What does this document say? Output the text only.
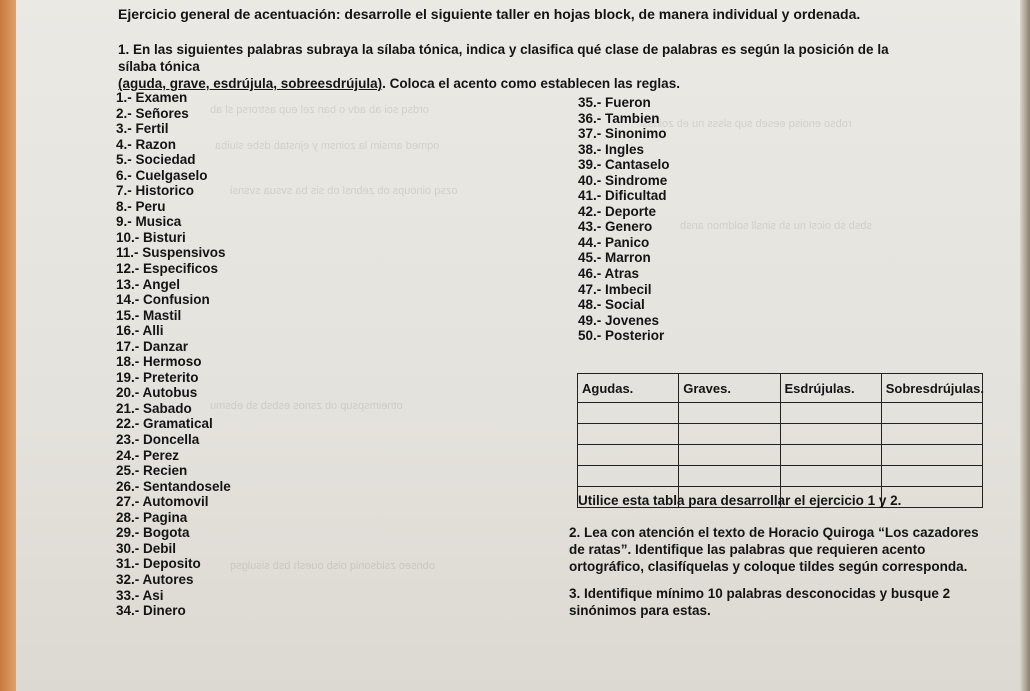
ordsq soi ab adv o ban zel eup astrorsq sl ab
oqmed amsim la zoinsm y ejnstab dsbe sluiba
ozsq oinoups ob zebnsl ob sis ba svsua svsnsi
robso enoisq eeseb sup slsss nu eb zoinssl
sbsb sb oicsl nu sh sinsll soldmon ansb
otneimspsup ob zsnos esbsb sb ebsmu
obnseo zsidsoniq oisb ouesh bsb sisulgsq
Ejercicio general de acentuación: desarrolle el siguiente taller en hojas block, de manera individual y ordenada.
1. En las siguientes palabras subraya la sílaba tónica, indica y clasifica qué clase de palabras es según la posición de la sílaba tónica
(aguda, grave, esdrújula, sobreesdrújula). Coloca el acento como establecen las reglas.
1.- Examen
2.- Señores
3.- Fertil
4.- Razon
5.- Sociedad
6.- Cuelgaselo
7.- Historico
8.- Peru
9.- Musica
10.- Bisturi
11.- Suspensivos
12.- Especificos
13.- Angel
14.- Confusion
15.- Mastil
16.- Alli
17.- Danzar
18.- Hermoso
19.- Preterito
20.- Autobus
21.- Sabado
22.- Gramatical
23.- Doncella
24.- Perez
25.- Recien
26.- Sentandosele
27.- Automovil
28.- Pagina
29.- Bogota
30.- Debil
31.- Deposito
32.- Autores
33.- Asi
34.- Dinero
35.- Fueron
36.- Tambien
37.- Sinonimo
38.- Ingles
39.- Cantaselo
40.- Sindrome
41.- Dificultad
42.- Deporte
43.- Genero
44.- Panico
45.- Marron
46.- Atras
47.- Imbecil
48.- Social
49.- Jovenes
50.- Posterior
Agudas.	Graves.	Esdrújulas.	Sobresdrújulas.

Utilice esta tabla para desarrollar el ejercicio 1 y 2.
2. Lea con atención el texto de Horacio Quiroga “Los cazadores de ratas”. Identifique las palabras que requieren acento ortográfico, clasifíquelas y coloque tildes según corresponda.
3. Identifique mínimo 10 palabras desconocidas y busque 2 sinónimos para estas.
